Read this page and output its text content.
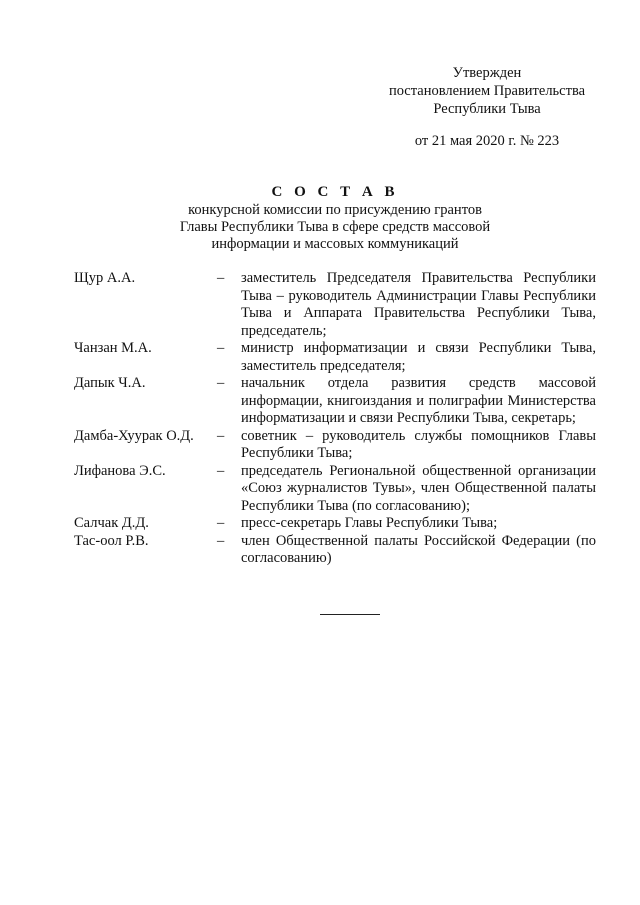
Утвержден
постановлением Правительства
Республики Тыва
от 21 мая 2020 г. № 223
С О С Т А В
конкурсной комиссии по присуждению грантов
Главы Республики Тыва в сфере средств массовой
информации и массовых коммуникаций
Щур А.А.	–	заместитель Председателя Правительства Республики Тыва – руководитель Администрации Главы Республики Тыва и Аппарата Правительства Республики Тыва, председатель;
Чанзан М.А.	–	министр информатизации и связи Республики Тыва, заместитель председателя;
Дапык Ч.А.	–	начальник отдела развития средств массовой информации, книгоиздания и полиграфии Министерства информатизации и связи Республики Тыва, секретарь;
Дамба-Хуурак О.Д.	–	советник – руководитель службы помощников Главы Республики Тыва;
Лифанова Э.С.	–	председатель Региональной общественной организации «Союз журналистов Тувы», член Общественной палаты Республики Тыва (по согласованию);
Салчак Д.Д.	–	пресс-секретарь Главы Республики Тыва;
Тас-оол Р.В.	–	член Общественной палаты Российской Федерации (по согласованию)
